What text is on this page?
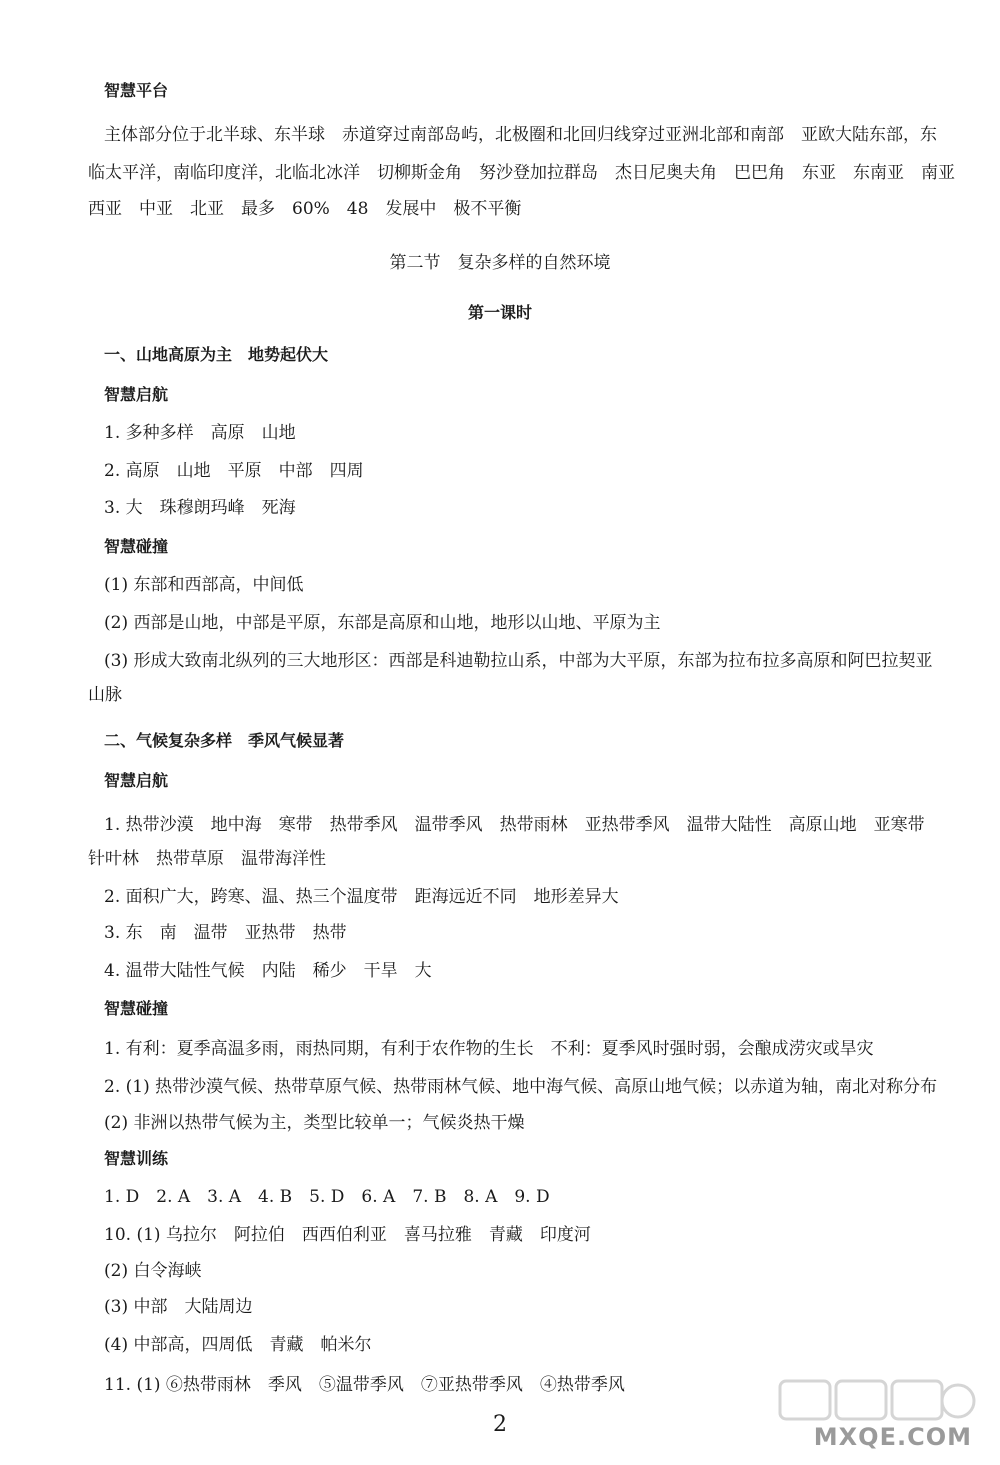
智慧平台
主体部分位于北半球、东半球　赤道穿过南部岛屿，北极圈和北回归线穿过亚洲北部和南部　亚欧大陆东部，东
临太平洋，南临印度洋，北临北冰洋　切柳斯金角　努沙登加拉群岛　杰日尼奥夫角　巴巴角　东亚　东南亚　南亚
西亚　中亚　北亚　最多　60%　48　发展中　极不平衡
第二节　复杂多样的自然环境
第一课时
一、山地高原为主　地势起伏大
智慧启航
1. 多种多样　高原　山地
2. 高原　山地　平原　中部　四周
3. 大　珠穆朗玛峰　死海
智慧碰撞
(1) 东部和西部高，中间低
(2) 西部是山地，中部是平原，东部是高原和山地，地形以山地、平原为主
(3) 形成大致南北纵列的三大地形区：西部是科迪勒拉山系，中部为大平原，东部为拉布拉多高原和阿巴拉契亚
山脉
二、气候复杂多样　季风气候显著
智慧启航
1. 热带沙漠　地中海　寒带　热带季风　温带季风　热带雨林　亚热带季风　温带大陆性　高原山地　亚寒带
针叶林　热带草原　温带海洋性
2. 面积广大，跨寒、温、热三个温度带　距海远近不同　地形差异大
3. 东　南　温带　亚热带　热带
4. 温带大陆性气候　内陆　稀少　干旱　大
智慧碰撞
1. 有利：夏季高温多雨，雨热同期，有利于农作物的生长　不利：夏季风时强时弱，会酿成涝灾或旱灾
2. (1) 热带沙漠气候、热带草原气候、热带雨林气候、地中海气候、高原山地气候；以赤道为轴，南北对称分布
(2) 非洲以热带气候为主，类型比较单一；气候炎热干燥
智慧训练
1. D　2. A　3. A　4. B　5. D　6. A　7. B　8. A　9. D
10. (1) 乌拉尔　阿拉伯　西西伯利亚　喜马拉雅　青藏　印度河
(2) 白令海峡
(3) 中部　大陆周边
(4) 中部高，四周低　青藏　帕米尔
11. (1) ⑥热带雨林　季风　⑤温带季风　⑦亚热带季风　④热带季风
2	MXQE.COM
